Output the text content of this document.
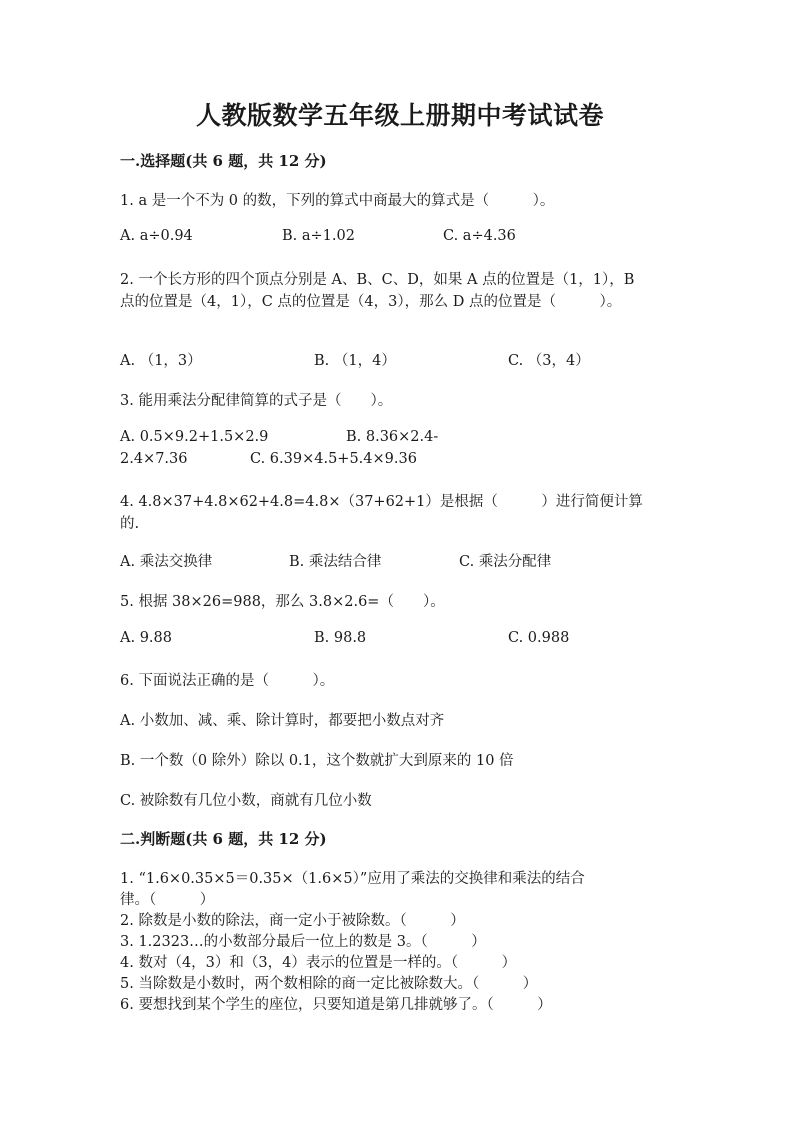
人教版数学五年级上册期中考试试卷
一.选择题(共 6 题，共 12 分)
1. a 是一个不为 0 的数，下列的算式中商最大的算式是（　　　）。
A. a÷0.94	B. a÷1.02	C. a÷4.36
2. 一个长方形的四个顶点分别是 A、B、C、D，如果 A 点的位置是（1，1），B
点的位置是（4，1），C 点的位置是（4，3），那么 D 点的位置是（　　　）。
A. （1，3）	B. （1，4）	C. （3，4）
3. 能用乘法分配律简算的式子是（　　）。
A. 0.5×9.2+1.5×2.9	B. 8.36×2.4-
2.4×7.36	C. 6.39×4.5+5.4×9.36
4. 4.8×37+4.8×62+4.8=4.8×（37+62+1）是根据（　　　）进行简便计算
的.
A. 乘法交换律	B. 乘法结合律	C. 乘法分配律
5. 根据 38×26=988，那么 3.8×2.6=（　　）。
A. 9.88	B. 98.8	C. 0.988
6. 下面说法正确的是（　　　）。
A. 小数加、减、乘、除计算时，都要把小数点对齐
B. 一个数（0 除外）除以 0.1，这个数就扩大到原来的 10 倍
C. 被除数有几位小数，商就有几位小数
二.判断题(共 6 题，共 12 分)
1. “1.6×0.35×5＝0.35×（1.6×5）”应用了乘法的交换律和乘法的结合
律。（　　　）
2. 除数是小数的除法，商一定小于被除数。（　　　）
3. 1.2323…的小数部分最后一位上的数是 3。（　　　）
4. 数对（4，3）和（3，4）表示的位置是一样的。（　　　）
5. 当除数是小数时，两个数相除的商一定比被除数大。（　　　）
6. 要想找到某个学生的座位，只要知道是第几排就够了。（　　　）
